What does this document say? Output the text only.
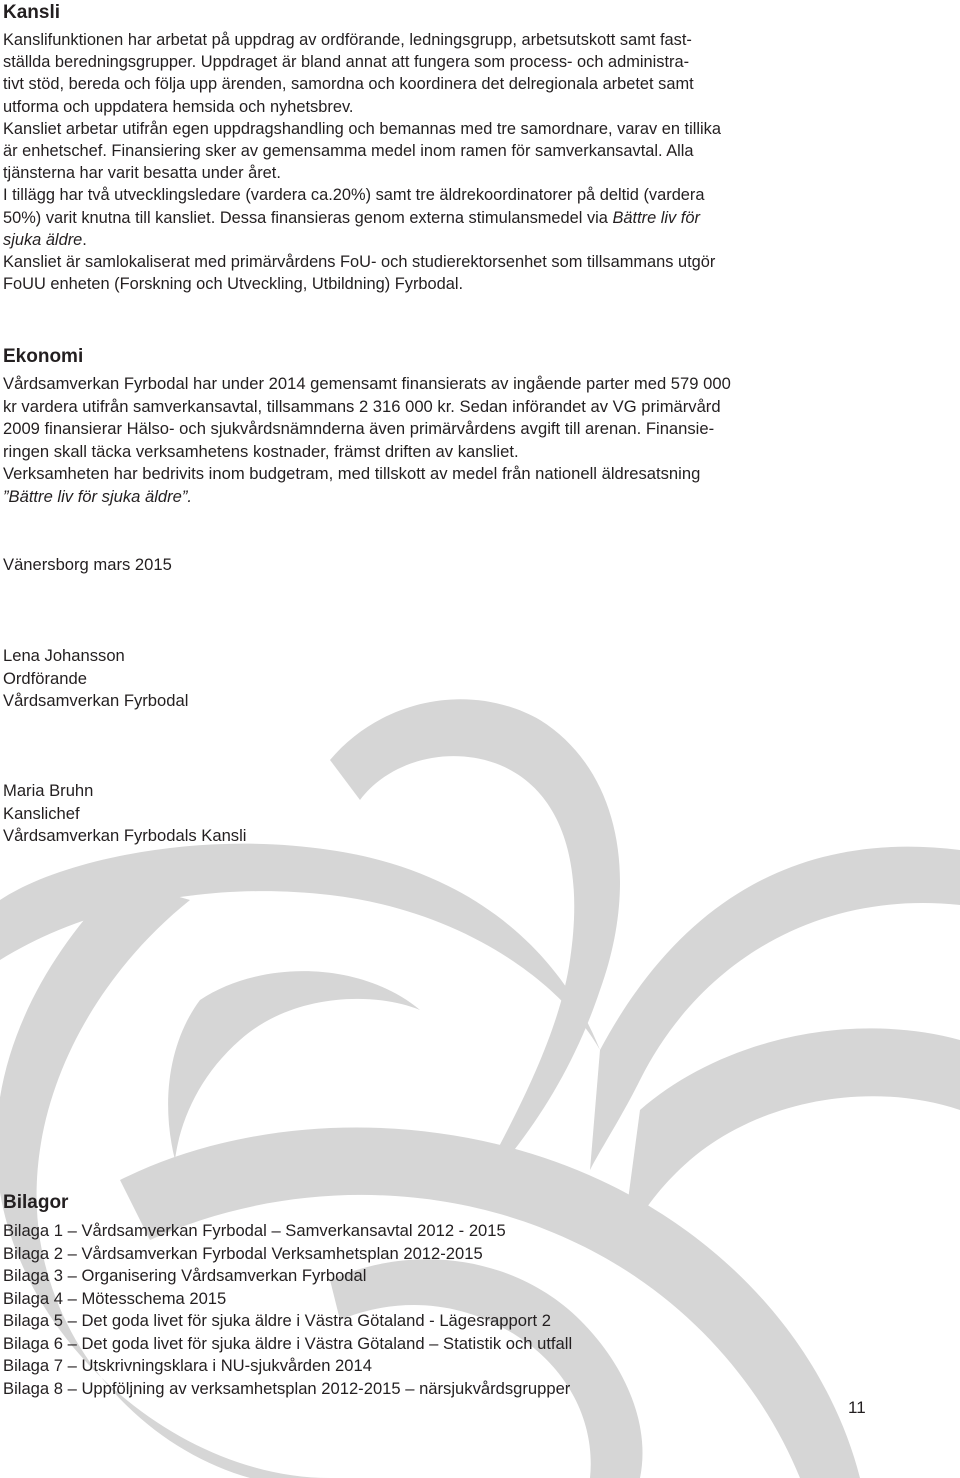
Kansli
Kanslifunktionen har arbetat på uppdrag av ordförande, ledningsgrupp, arbetsutskott samt fast-
ställda beredningsgrupper. Uppdraget är bland annat att fungera som process- och administra-
tivt stöd, bereda och följa upp ärenden, samordna och koordinera det delregionala arbetet samt
utforma och uppdatera hemsida och nyhetsbrev.
Kansliet arbetar utifrån egen uppdragshandling och bemannas med tre samordnare, varav en tillika
är enhetschef. Finansiering sker av gemensamma medel inom ramen för samverkansavtal. Alla
tjänsterna har varit besatta under året.
I tillägg har två utvecklingsledare (vardera ca.20%) samt tre äldrekoordinatorer på deltid (vardera
50%) varit knutna till kansliet. Dessa finansieras genom externa stimulansmedel via Bättre liv för
sjuka äldre.
Kansliet är samlokaliserat med primärvårdens FoU- och studierektorsenhet som tillsammans utgör
FoUU enheten (Forskning och Utveckling, Utbildning) Fyrbodal.
Ekonomi
Vårdsamverkan Fyrbodal har under 2014 gemensamt finansierats av ingående parter med 579 000
kr vardera utifrån samverkansavtal, tillsammans 2 316 000 kr. Sedan införandet av VG primärvård
2009 finansierar Hälso- och sjukvårdsnämnderna även primärvårdens avgift till arenan. Finansie-
ringen skall täcka verksamhetens kostnader, främst driften av kansliet.
Verksamheten har bedrivits inom budgetram, med tillskott av medel från nationell äldresatsning
”Bättre liv för sjuka äldre”.
Vänersborg mars 2015
Lena Johansson
Ordförande
Vårdsamverkan Fyrbodal
Maria Bruhn
Kanslichef
Vårdsamverkan Fyrbodals Kansli
Bilagor
Bilaga 1 – Vårdsamverkan Fyrbodal – Samverkansavtal 2012 - 2015
Bilaga 2 – Vårdsamverkan Fyrbodal Verksamhetsplan 2012-2015
Bilaga 3 – Organisering Vårdsamverkan Fyrbodal
Bilaga 4 – Mötesschema 2015
Bilaga 5 – Det goda livet för sjuka äldre i Västra Götaland - Lägesrapport 2
Bilaga 6 – Det goda livet för sjuka äldre i Västra Götaland – Statistik och utfall
Bilaga 7 – Utskrivningsklara i NU-sjukvården 2014
Bilaga 8 – Uppföljning av verksamhetsplan 2012-2015 – närsjukvårdsgrupper
11
